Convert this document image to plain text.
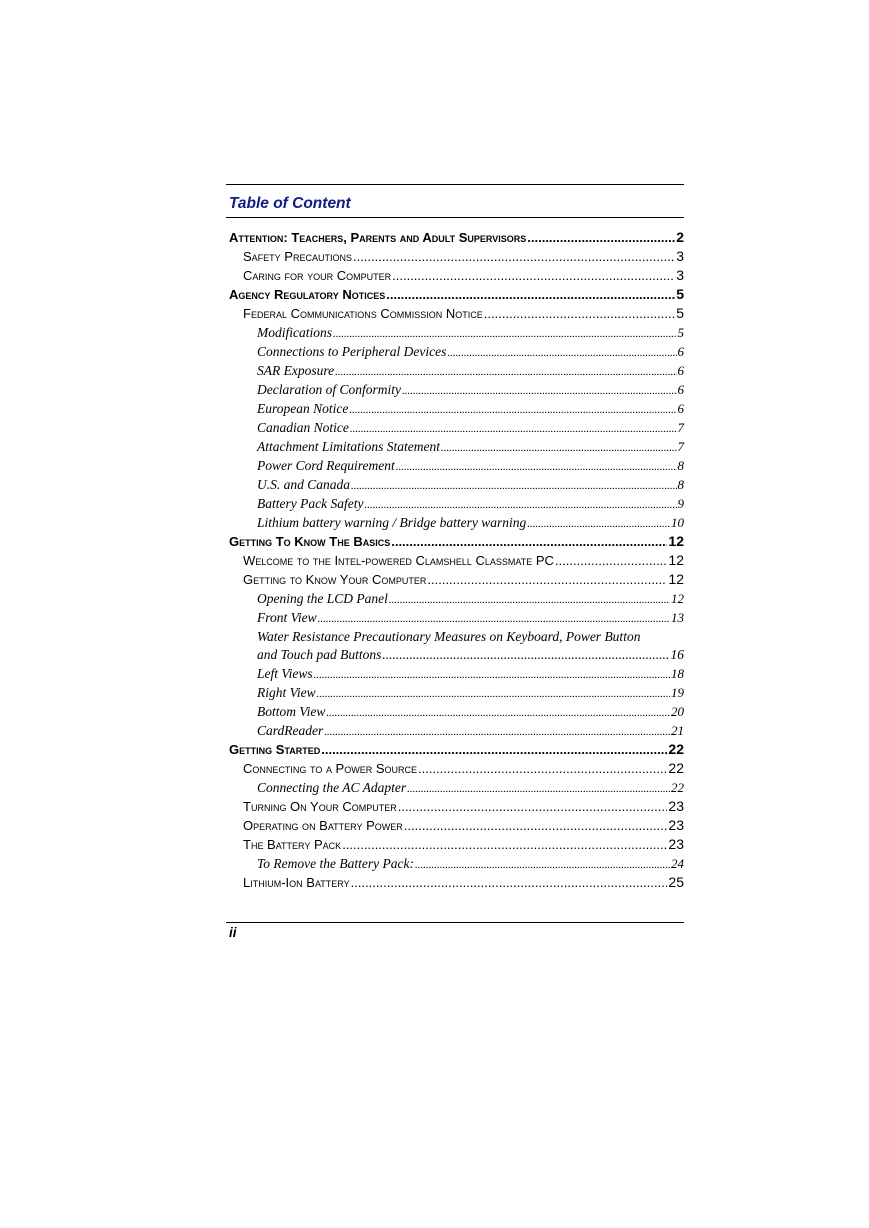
Table of Content
Attention: Teachers, Parents and Adult Supervisors .....	2
Safety Precautions .....	3
Caring for your Computer .....	3
Agency Regulatory Notices .....	5
Federal Communications Commission Notice .....	5
Modifications .....	5
Connections to Peripheral Devices .....	6
SAR Exposure .....	6
Declaration of Conformity .....	6
European Notice .....	6
Canadian Notice .....	7
Attachment Limitations Statement .....	7
Power Cord Requirement .....	8
U.S. and Canada .....	8
Battery Pack Safety .....	9
Lithium battery warning / Bridge battery warning .....	10
Getting To Know The Basics .....	12
Welcome to the Intel-powered Clamshell Classmate PC .....	12
Getting to Know Your Computer .....	12
Opening the LCD Panel .....	12
Front View .....	13
Water Resistance Precautionary Measures on Keyboard, Power Button
and Touch pad Buttons .....	16
Left Views .....	18
Right View .....	19
Bottom View .....	20
CardReader .....	21
Getting Started .....	22
Connecting to a Power Source .....	22
Connecting the AC Adapter .....	22
Turning On Your Computer .....	23
Operating on Battery Power .....	23
The Battery Pack .....	23
To Remove the Battery Pack: .....	24
Lithium-Ion Battery .....	25
ii
